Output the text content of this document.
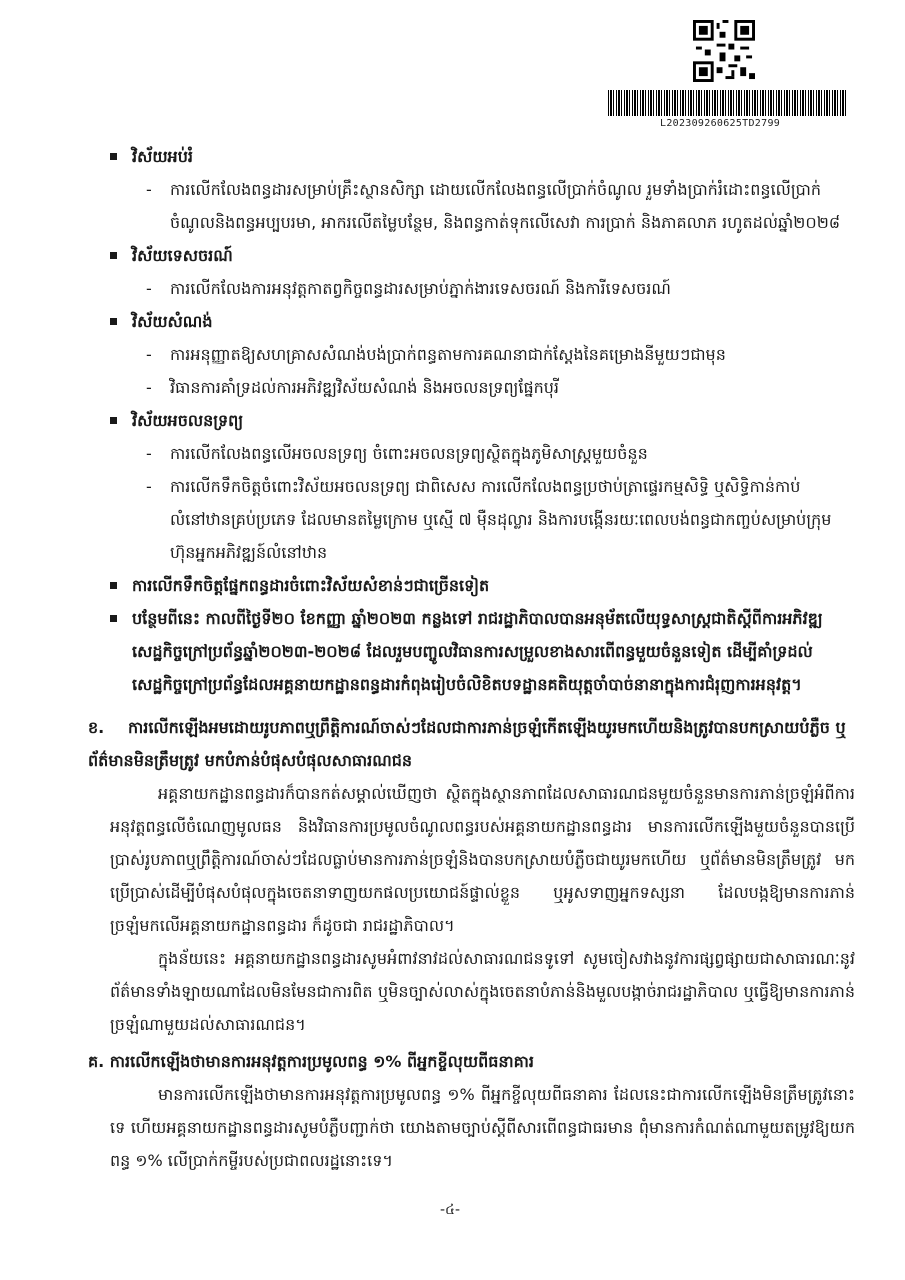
L202309260625TD2799
វិស័យអប់រំ
- ការលើកលែងពន្ធដារសម្រាប់គ្រឹះស្ថានសិក្សា ដោយលើកលែងពន្ធលើប្រាក់ចំណូល រួមទាំងប្រាក់រំដោះពន្ធលើប្រាក់ចំណូលនិងពន្ធអប្បបរមា, អាករលើតម្លៃបន្ថែម, និងពន្ធកាត់ទុកលើសេវា ការប្រាក់ និងភាគលាភ រហូតដល់ឆ្នាំ២០២៨
វិស័យទេសចរណ៍
- ការលើកលែងការអនុវត្តកាតព្វកិច្ចពន្ធដារសម្រាប់ភ្នាក់ងារទេសចរណ៍ និងការីទេសចរណ៍
វិស័យសំណង់
- ការអនុញ្ញាតឱ្យសហគ្រាសសំណង់បង់ប្រាក់ពន្ធតាមការគណនាជាក់ស្តែងនៃគម្រោងនីមួយៗជាមុន
- វិធានការគាំទ្រដល់ការអភិវឌ្ឍវិស័យសំណង់ និងអចលនទ្រព្យផ្នែកបុរី
វិស័យអចលនទ្រព្យ
- ការលើកលែងពន្ធលើអចលនទ្រព្យ ចំពោះអចលនទ្រព្យស្ថិតក្នុងភូមិសាស្ត្រមួយចំនួន
- ការលើកទឹកចិត្តចំពោះវិស័យអចលនទ្រព្យ ជាពិសេស ការលើកលែងពន្ធប្រថាប់ត្រាផ្ទេរកម្មសិទ្ធិ ឬសិទ្ធិកាន់កាប់លំនៅឋានគ្រប់ប្រភេទ ដែលមានតម្លៃក្រោម ឬស្មើ ៧ ម៉ឺនដុល្លារ និងការបង្កើនរយៈពេលបង់ពន្ធជាកញ្ចប់សម្រាប់ក្រុមហ៊ុនអ្នកអភិវឌ្ឍន៍លំនៅឋាន
ការលើកទឹកចិត្តផ្នែកពន្ធដារចំពោះវិស័យសំខាន់ៗជាច្រើនទៀត
បន្ថែមពីនេះ កាលពីថ្ងៃទី២០ ខែកញ្ញា ឆ្នាំ២០២៣ កន្លងទៅ រាជរដ្ឋាភិបាលបានអនុម័តលើយុទ្ធសាស្ត្រជាតិស្តីពីការអភិវឌ្ឍសេដ្ឋកិច្ចក្រៅប្រព័ន្ធឆ្នាំ២០២៣-២០២៨ ដែលរួមបញ្ចូលវិធានការសម្រួលខាងសារពើពន្ធមួយចំនួនទៀត ដើម្បីគាំទ្រដល់សេដ្ឋកិច្ចក្រៅប្រព័ន្ធដែលអគ្គនាយកដ្ឋានពន្ធដារកំពុងរៀបចំលិខិតបទដ្ឋានគតិយុត្តចាំបាច់នានាក្នុងការជំរុញការអនុវត្ត។
ខ. ការលើកឡើងអមដោយរូបភាពឬព្រឹត្តិការណ៍ចាស់ៗដែលជាការភាន់ច្រឡំកើតឡើងយូរមកហើយនិងត្រូវបានបកស្រាយបំភ្លឺច ឬព័ត៌មានមិនត្រឹមត្រូវ មកបំភាន់បំផុសបំផុលសាធារណជន
អគ្គនាយកដ្ឋានពន្ធដារក៏បានកត់សម្គាល់ឃើញថា ស្ថិតក្នុងស្ថានភាពដែលសាធារណជនមួយចំនួនមានការភាន់ច្រឡំអំពីការអនុវត្តពន្ធលើចំណេញមូលធន និងវិធានការប្រមូលចំណូលពន្ធរបស់អគ្គនាយកដ្ឋានពន្ធដារ មានការលើកឡើងមួយចំនួនបានប្រើប្រាស់រូបភាពឬព្រឹត្តិការណ៍ចាស់ៗដែលធ្លាប់មានការភាន់ច្រឡំនិងបានបកស្រាយបំភ្លឺចជាយូរមកហើយ ឬព័ត៌មានមិនត្រឹមត្រូវ មកប្រើប្រាស់ដើម្បីបំផុសបំផុលក្នុងចេតនាទាញយកផលប្រយោជន៍ផ្ទាល់ខ្លួន ឬអូសទាញអ្នកទស្សនា ដែលបង្កឱ្យមានការភាន់ច្រឡំមកលើអគ្គនាយកដ្ឋានពន្ធដារ ក៏ដូចជា រាជរដ្ឋាភិបាល។
ក្នុងន័យនេះ អគ្គនាយកដ្ឋានពន្ធដារសូមអំពាវនាវដល់សាធារណជនទូទៅ សូមចៀសវាងនូវការផ្សព្វផ្សាយជាសាធារណៈនូវព័ត៌មានទាំងឡាយណាដែលមិនមែនជាការពិត ឬមិនច្បាស់លាស់ក្នុងចេតនាបំភាន់និងមួលបង្កាច់រាជរដ្ឋាភិបាល ឬធ្វើឱ្យមានការភាន់ច្រឡំណាមួយដល់សាធារណជន។
គ. ការលើកឡើងថាមានការអនុវត្តការប្រមូលពន្ធ ១% ពីអ្នកខ្ចីលុយពីធនាគារ
មានការលើកឡើងថាមានការអនុវត្តការប្រមូលពន្ធ ១% ពីអ្នកខ្ចីលុយពីធនាគារ ដែលនេះជាការលើកឡើងមិនត្រឹមត្រូវនោះទេ ហើយអគ្គនាយកដ្ឋានពន្ធដារសូមបំភ្លឺបញ្ជាក់ថា យោងតាមច្បាប់ស្តីពីសារពើពន្ធជាធរមាន ពុំមានការកំណត់ណាមួយតម្រូវឱ្យយកពន្ធ ១% លើប្រាក់កម្ចីរបស់ប្រជាពលរដ្ឋនោះទេ។
-៤-
